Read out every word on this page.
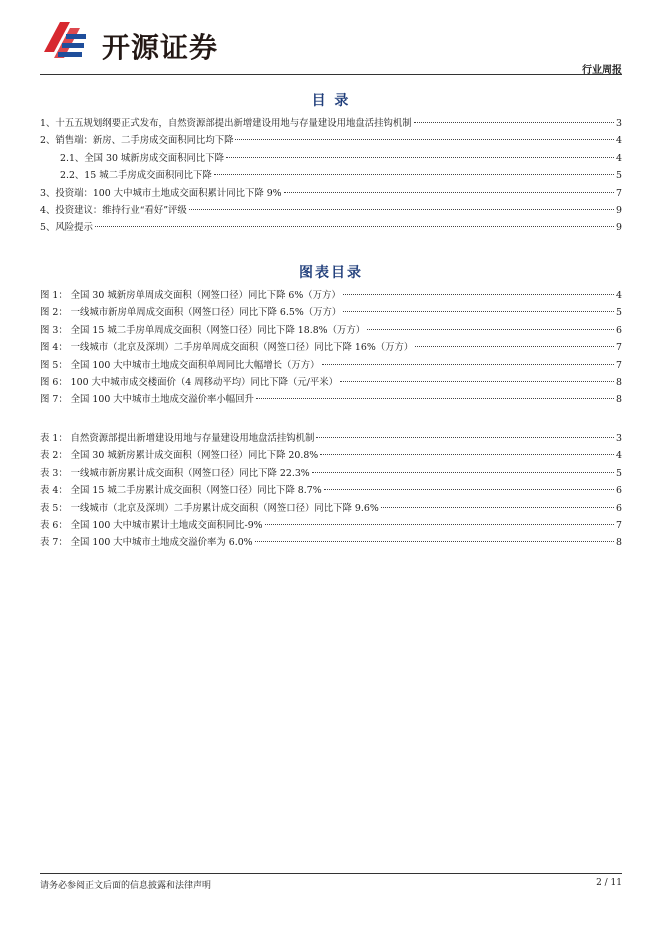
开源证券
行业周报
目 录
1、十五五规划纲要正式发布，自然资源部提出新增建设用地与存量建设用地盘活挂钩机制	3
2、销售端：新房、二手房成交面积同比均下降	4
2.1、全国 30 城新房成交面积同比下降	4
2.2、15 城二手房成交面积同比下降	5
3、投资端：100 大中城市土地成交面积累计同比下降 9%	7
4、投资建议：维持行业“看好”评级	9
5、风险提示	9
图表目录
图 1： 全国 30 城新房单周成交面积（网签口径）同比下降 6%（万方）	4
图 2： 一线城市新房单周成交面积（网签口径）同比下降 6.5%（万方）	5
图 3： 全国 15 城二手房单周成交面积（网签口径）同比下降 18.8%（万方）	6
图 4： 一线城市（北京及深圳）二手房单周成交面积（网签口径）同比下降 16%（万方）	7
图 5： 全国 100 大中城市土地成交面积单周同比大幅增长（万方）	7
图 6： 100 大中城市成交楼面价（4 周移动平均）同比下降（元/平米）	8
图 7： 全国 100 大中城市土地成交溢价率小幅回升	8
表 1： 自然资源部提出新增建设用地与存量建设用地盘活挂钩机制	3
表 2： 全国 30 城新房累计成交面积（网签口径）同比下降 20.8%	4
表 3： 一线城市新房累计成交面积（网签口径）同比下降 22.3%	5
表 4： 全国 15 城二手房累计成交面积（网签口径）同比下降 8.7%	6
表 5： 一线城市（北京及深圳）二手房累计成交面积（网签口径）同比下降 9.6%	6
表 6： 全国 100 大中城市累计土地成交面积同比-9%	7
表 7： 全国 100 大中城市土地成交溢价率为 6.0%	8
请务必参阅正文后面的信息披露和法律声明	2 / 11
